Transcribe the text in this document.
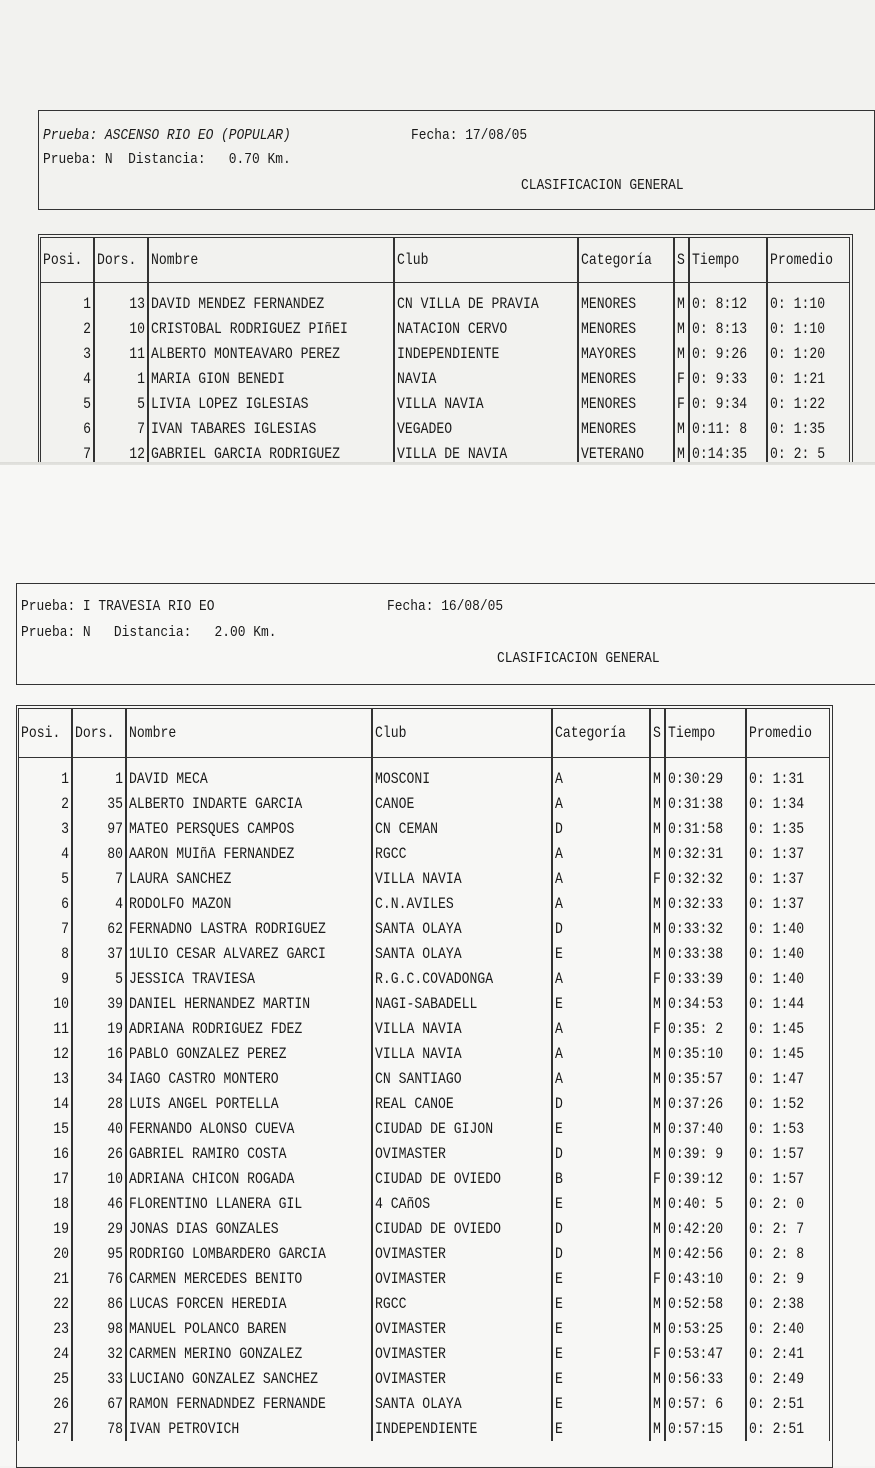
Prueba: ASCENSO RIO EO (POPULAR)	Fecha: 17/08/05
Prueba: N  Distancia:   0.70 Km.
CLASIFICACION GENERAL
Posi.	Dors.	Nombre	Club	Categoría	S	Tiempo	Promedio

1	13	DAVID MENDEZ FERNANDEZ	CN VILLA DE PRAVIA	MENORES	M	0: 8:12	0: 1:10

2	10	CRISTOBAL RODRIGUEZ PIñEI	NATACION CERVO	MENORES	M	0: 8:13	0: 1:10

3	11	ALBERTO MONTEAVARO PEREZ	INDEPENDIENTE	MAYORES	M	0: 9:26	0: 1:20

4	1	MARIA GION BENEDI	NAVIA	MENORES	F	0: 9:33	0: 1:21

5	5	LIVIA LOPEZ IGLESIAS	VILLA NAVIA	MENORES	F	0: 9:34	0: 1:22

6	7	IVAN TABARES IGLESIAS	VEGADEO	MENORES	M	0:11: 8	0: 1:35

7	12	GABRIEL GARCIA RODRIGUEZ	VILLA DE NAVIA	VETERANO	M	0:14:35	0: 2: 5
Prueba: I TRAVESIA RIO EO	Fecha: 16/08/05
Prueba: N   Distancia:   2.00 Km.
CLASIFICACION GENERAL
Posi.	Dors.	Nombre	Club	Categoría	S	Tiempo	Promedio

1	1	DAVID MECA	MOSCONI	A	M	0:30:29	0: 1:31

2	35	ALBERTO INDARTE GARCIA	CANOE	A	M	0:31:38	0: 1:34

3	97	MATEO PERSQUES CAMPOS	CN CEMAN	D	M	0:31:58	0: 1:35

4	80	AARON MUIñA FERNANDEZ	RGCC	A	M	0:32:31	0: 1:37

5	7	LAURA SANCHEZ	VILLA NAVIA	A	F	0:32:32	0: 1:37

6	4	RODOLFO MAZON	C.N.AVILES	A	M	0:32:33	0: 1:37

7	62	FERNADNO LASTRA RODRIGUEZ	SANTA OLAYA	D	M	0:33:32	0: 1:40

8	37	1ULIO CESAR ALVAREZ GARCI	SANTA OLAYA	E	M	0:33:38	0: 1:40

9	5	JESSICA TRAVIESA	R.G.C.COVADONGA	A	F	0:33:39	0: 1:40

10	39	DANIEL HERNANDEZ MARTIN	NAGI-SABADELL	E	M	0:34:53	0: 1:44

11	19	ADRIANA RODRIGUEZ FDEZ	VILLA NAVIA	A	F	0:35: 2	0: 1:45

12	16	PABLO GONZALEZ PEREZ	VILLA NAVIA	A	M	0:35:10	0: 1:45

13	34	IAGO CASTRO MONTERO	CN SANTIAGO	A	M	0:35:57	0: 1:47

14	28	LUIS ANGEL PORTELLA	REAL CANOE	D	M	0:37:26	0: 1:52

15	40	FERNANDO ALONSO CUEVA	CIUDAD DE GIJON	E	M	0:37:40	0: 1:53

16	26	GABRIEL RAMIRO COSTA	OVIMASTER	D	M	0:39: 9	0: 1:57

17	10	ADRIANA CHICON ROGADA	CIUDAD DE OVIEDO	B	F	0:39:12	0: 1:57

18	46	FLORENTINO LLANERA GIL	4 CAñOS	E	M	0:40: 5	0: 2: 0

19	29	JONAS DIAS GONZALES	CIUDAD DE OVIEDO	D	M	0:42:20	0: 2: 7

20	95	RODRIGO LOMBARDERO GARCIA	OVIMASTER	D	M	0:42:56	0: 2: 8

21	76	CARMEN MERCEDES BENITO	OVIMASTER	E	F	0:43:10	0: 2: 9

22	86	LUCAS FORCEN HEREDIA	RGCC	E	M	0:52:58	0: 2:38

23	98	MANUEL POLANCO BAREN	OVIMASTER	E	M	0:53:25	0: 2:40

24	32	CARMEN MERINO GONZALEZ	OVIMASTER	E	F	0:53:47	0: 2:41

25	33	LUCIANO GONZALEZ SANCHEZ	OVIMASTER	E	M	0:56:33	0: 2:49

26	67	RAMON FERNADNDEZ FERNANDE	SANTA OLAYA	E	M	0:57: 6	0: 2:51

27	78	IVAN PETROVICH	INDEPENDIENTE	E	M	0:57:15	0: 2:51
